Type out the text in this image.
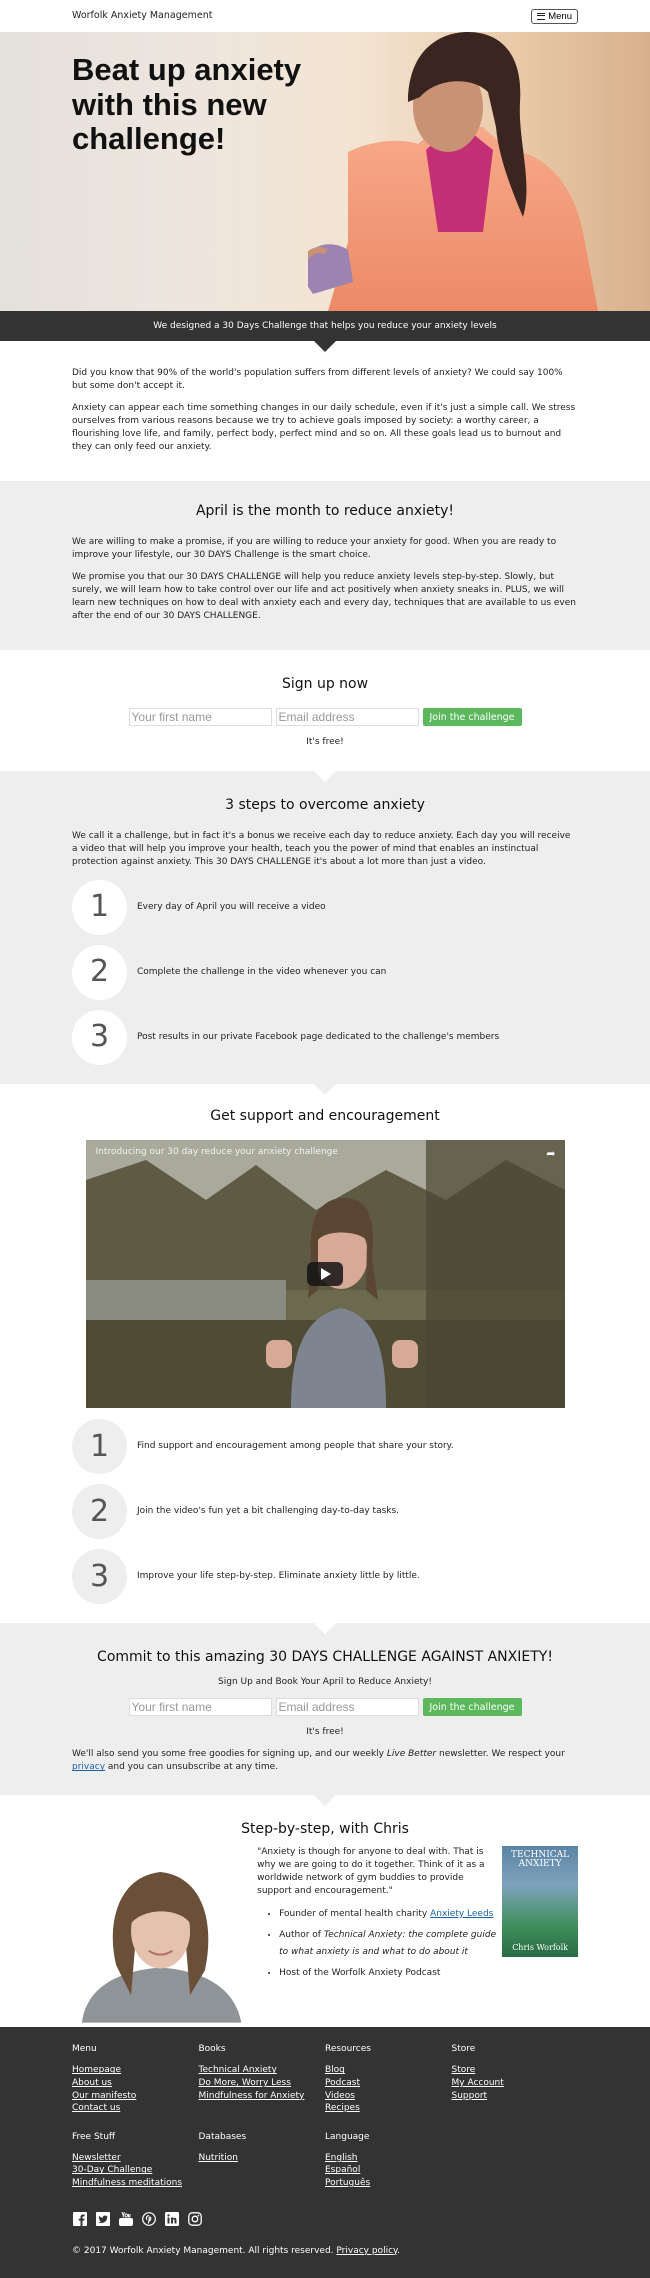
Worfolk Anxiety Management	Menu
Beat up anxiety with this new challenge!
We designed a 30 Days Challenge that helps you reduce your anxiety levels

Did you know that 90% of the world's population suffers from different levels of anxiety? We could say 100% but some don't accept it.

Anxiety can appear each time something changes in our daily schedule, even if it's just a simple call. We stress ourselves from various reasons because we try to achieve goals imposed by society: a worthy career, a flourishing love life, and family, perfect body, perfect mind and so on. All these goals lead us to burnout and they can only feed our anxiety.

April is the month to reduce anxiety!

We are willing to make a promise, if you are willing to reduce your anxiety for good. When you are ready to improve your lifestyle, our 30 DAYS Challenge is the smart choice.

We promise you that our 30 DAYS CHALLENGE will help you reduce anxiety levels step-by-step. Slowly, but surely, we will learn how to take control over our life and act positively when anxiety sneaks in. PLUS, we will learn new techniques on how to deal with anxiety each and every day, techniques that are available to us even after the end of our 30 DAYS CHALLENGE.

Sign up now
Your first name
Email address
Join the challenge
It's free!
3 steps to overcome anxiety

We call it a challenge, but in fact it's a bonus we receive each day to reduce anxiety. Each day you will receive a video that will help you improve your health, teach you the power of mind that enables an instinctual protection against anxiety. This 30 DAYS CHALLENGE it's about a lot more than just a video.

1	Every day of April you will receive a video
2	Complete the challenge in the video whenever you can
3	Post results in our private Facebook page dedicated to the challenge's members
Get support and encouragement
Introducing our 30 day reduce your anxiety challenge	➦
1	Find support and encouragement among people that share your story.
2	Join the video's fun yet a bit challenging day-to-day tasks.
3	Improve your life step-by-step. Eliminate anxiety little by little.
Commit to this amazing 30 DAYS CHALLENGE AGAINST ANXIETY!

Sign Up and Book Your April to Reduce Anxiety!

Your first name
Email address
Join the challenge

It's free!

We'll also send you some free goodies for signing up, and our weekly Live Better newsletter. We respect your privacy and you can unsubscribe at any time.

Step-by-step, with Chris

"Anxiety is though for anyone to deal with. That is why we are going to do it together. Think of it as a worldwide network of gym buddies to provide support and encouragement."

• Founder of mental health charity Anxiety Leeds
• Author of Technical Anxiety: the complete guide to what anxiety is and what to do about it
• Host of the Worfolk Anxiety Podcast
TECHNICAL ANXIETY
Chris Worfolk
Menu
Homepage
About us
Our manifesto
Contact us
Books
Technical Anxiety
Do More, Worry Less
Mindfulness for Anxiety
Resources
Blog
Podcast
Videos
Recipes
Store
Store
My Account
Support
Free Stuff
Newsletter
30-Day Challenge
Mindfulness meditations
Databases
Nutrition
Language
English
Español
Português
© 2017 Worfolk Anxiety Management. All rights reserved. Privacy policy.
